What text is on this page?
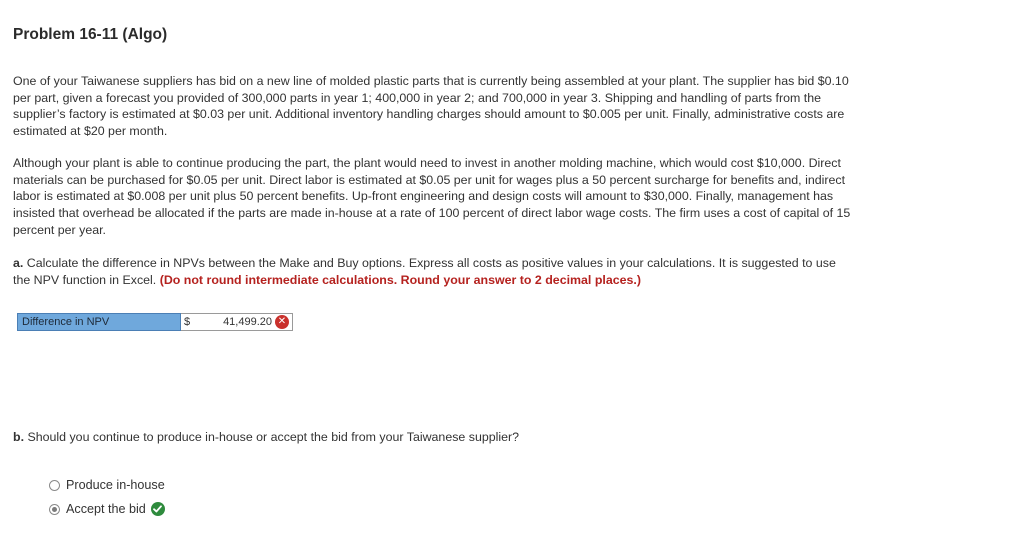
Problem 16-11 (Algo)

One of your Taiwanese suppliers has bid on a new line of molded plastic parts that is currently being assembled at your plant. The supplier has bid $0.10 per part, given a forecast you provided of 300,000 parts in year 1; 400,000 in year 2; and 700,000 in year 3. Shipping and handling of parts from the supplier’s factory is estimated at $0.03 per unit. Additional inventory handling charges should amount to $0.005 per unit. Finally, administrative costs are estimated at $20 per month.

Although your plant is able to continue producing the part, the plant would need to invest in another molding machine, which would cost $10,000. Direct materials can be purchased for $0.05 per unit. Direct labor is estimated at $0.05 per unit for wages plus a 50 percent surcharge for benefits and, indirect labor is estimated at $0.008 per unit plus 50 percent benefits. Up-front engineering and design costs will amount to $30,000. Finally, management has insisted that overhead be allocated if the parts are made in-house at a rate of 100 percent of direct labor wage costs. The firm uses a cost of capital of 15 percent per year.

a. Calculate the difference in NPVs between the Make and Buy options. Express all costs as positive values in your calculations. It is suggested to use the NPV function in Excel. (Do not round intermediate calculations. Round your answer to 2 decimal places.)

Difference in NPV	$	41,499.20 ✕

b. Should you continue to produce in-house or accept the bid from your Taiwanese supplier?

Produce in-house
Accept the bid
